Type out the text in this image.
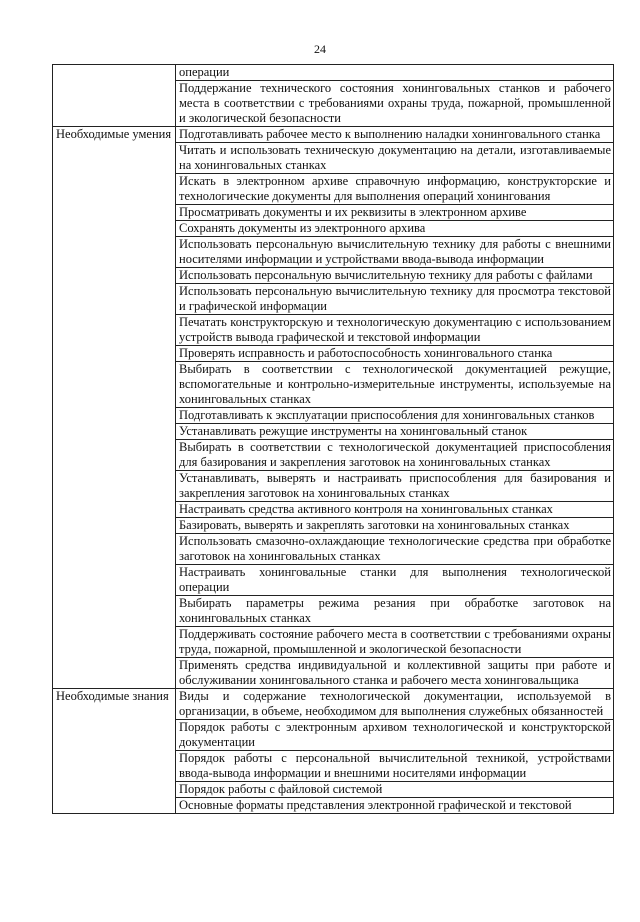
24
	операции
	Поддержание технического состояния хонинговальных станков и рабочего места в соответствии с требованиями охраны труда, пожарной, промышленной и экологической безопасности
Необходимые умения	Подготавливать рабочее место к выполнению наладки хонинговального станка
	Читать и использовать техническую документацию на детали, изготавливаемые на хонинговальных станках
	Искать в электронном архиве справочную информацию, конструкторские и технологические документы для выполнения операций хонингования
	Просматривать документы и их реквизиты в электронном архиве
	Сохранять документы из электронного архива
	Использовать персональную вычислительную технику для работы с внешними носителями информации и устройствами ввода-вывода информации
	Использовать персональную вычислительную технику для работы с файлами
	Использовать персональную вычислительную технику для просмотра текстовой и графической информации
	Печатать конструкторскую и технологическую документацию с использованием устройств вывода графической и текстовой информации
	Проверять исправность и работоспособность хонинговального станка
	Выбирать в соответствии с технологической документацией режущие, вспомогательные и контрольно-измерительные инструменты, используемые на хонинговальных станках
	Подготавливать к эксплуатации приспособления для хонинговальных станков
	Устанавливать режущие инструменты на хонинговальный станок
	Выбирать в соответствии с технологической документацией приспособления для базирования и закрепления заготовок на хонинговальных станках
	Устанавливать, выверять и настраивать приспособления для базирования и закрепления заготовок на хонинговальных станках
	Настраивать средства активного контроля на хонинговальных станках
	Базировать, выверять и закреплять заготовки на хонинговальных станках
	Использовать смазочно-охлаждающие технологические средства при обработке заготовок на хонинговальных станках
	Настраивать хонинговальные станки для выполнения технологической операции
	Выбирать параметры режима резания при обработке заготовок на хонинговальных станках
	Поддерживать состояние рабочего места в соответствии с требованиями охраны труда, пожарной, промышленной и экологической безопасности
	Применять средства индивидуальной и коллективной защиты при работе и обслуживании хонинговального станка и рабочего места хонинговальщика
Необходимые знания	Виды и содержание технологической документации, используемой в организации, в объеме, необходимом для выполнения служебных обязанностей
	Порядок работы с электронным архивом технологической и конструкторской документации
	Порядок работы с персональной вычислительной техникой, устройствами ввода-вывода информации и внешними носителями информации
	Порядок работы с файловой системой
	Основные форматы представления электронной графической и текстовой
